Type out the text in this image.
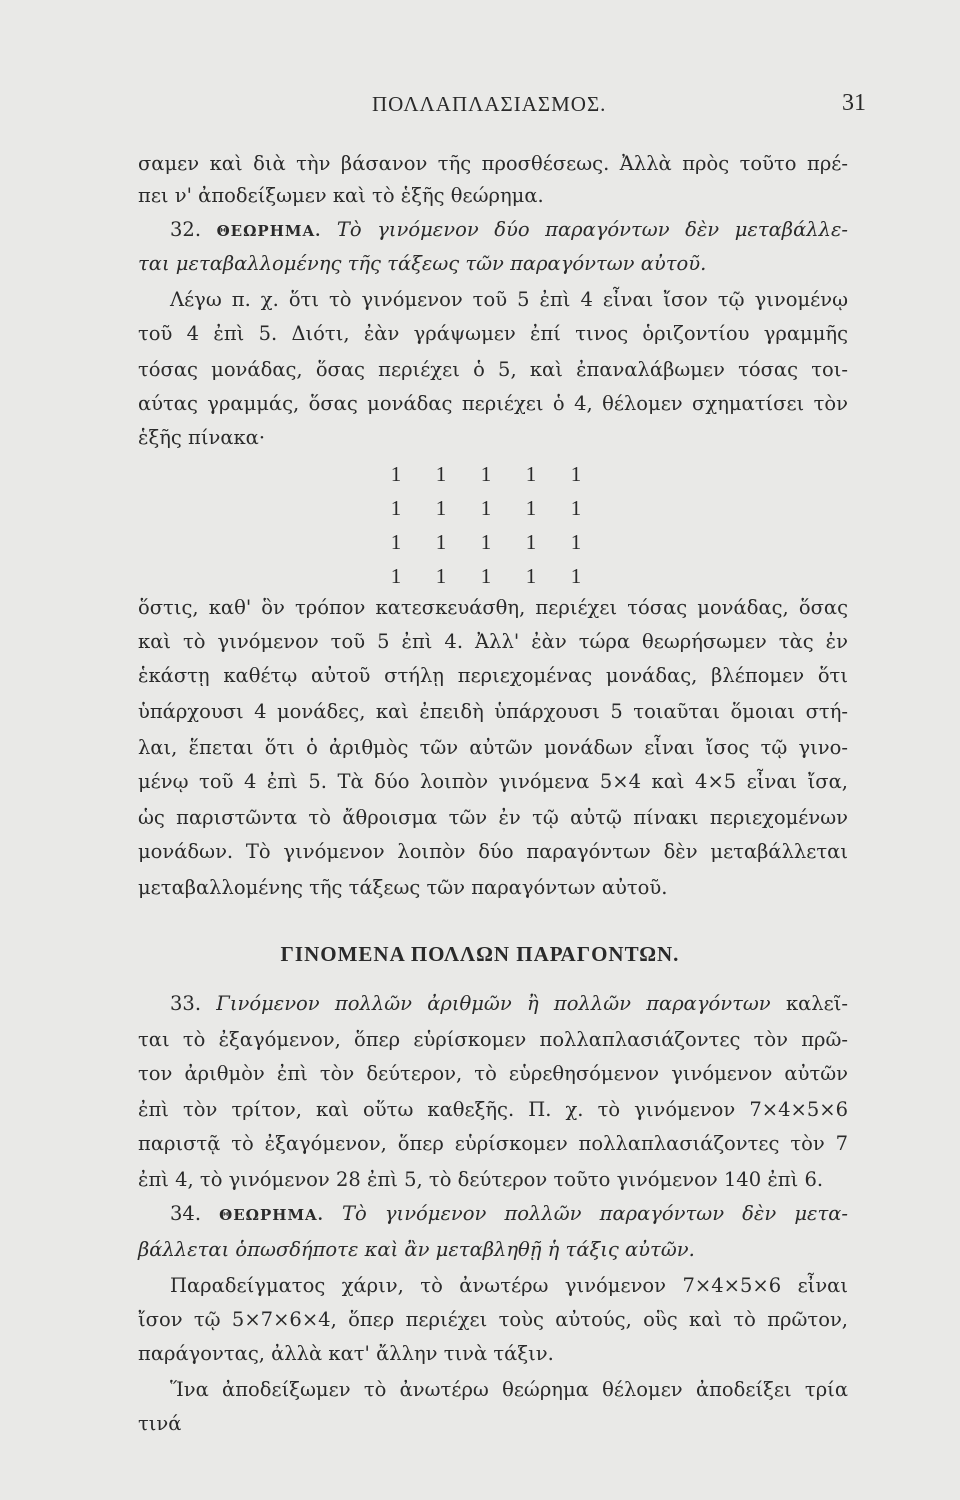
ΠΟΛΛΑΠΛΑΣΙΑΣΜΟΣ.	31
σαμεν καὶ διὰ τὴν βάσανον τῆς προσθέσεως. Ἀλλὰ πρὸς τοῦτο πρέ-
πει ν' ἀποδείξωμεν καὶ τὸ ἑξῆς θεώρημα.
32. ΘΕΩΡΗΜΑ. Τὸ γινόμενον δύο παραγόντων δὲν μεταβάλλε-
ται μεταβαλλομένης τῆς τάξεως τῶν παραγόντων αὐτοῦ.
Λέγω π. χ. ὅτι τὸ γινόμενον τοῦ 5 ἐπὶ 4 εἶναι ἴσον τῷ γινομένῳ
τοῦ 4 ἐπὶ 5. Διότι, ἐὰν γράψωμεν ἐπί τινος ὁριζοντίου γραμμῆς
τόσας μονάδας, ὅσας περιέχει ὁ 5, καὶ ἐπαναλάβωμεν τόσας τοι-
αύτας γραμμάς, ὅσας μονάδας περιέχει ὁ 4, θέλομεν σχηματίσει τὸν
ἑξῆς πίνακα·
1 1 1 1 1
1 1 1 1 1
1 1 1 1 1
1 1 1 1 1
ὅστις, καθ' ὃν τρόπον κατεσκευάσθη, περιέχει τόσας μονάδας, ὅσας
καὶ τὸ γινόμενον τοῦ 5 ἐπὶ 4. Ἀλλ' ἐὰν τώρα θεωρήσωμεν τὰς ἐν
ἑκάστῃ καθέτῳ αὐτοῦ στήλῃ περιεχομένας μονάδας, βλέπομεν ὅτι
ὑπάρχουσι 4 μονάδες, καὶ ἐπειδὴ ὑπάρχουσι 5 τοιαῦται ὅμοιαι στή-
λαι, ἕπεται ὅτι ὁ ἀριθμὸς τῶν αὐτῶν μονάδων εἶναι ἴσος τῷ γινο-
μένῳ τοῦ 4 ἐπὶ 5. Τὰ δύο λοιπὸν γινόμενα 5×4 καὶ 4×5 εἶναι ἴσα,
ὡς παριστῶντα τὸ ἄθροισμα τῶν ἐν τῷ αὐτῷ πίνακι περιεχομένων
μονάδων. Τὸ γινόμενον λοιπὸν δύο παραγόντων δὲν μεταβάλλεται
μεταβαλλομένης τῆς τάξεως τῶν παραγόντων αὐτοῦ.
ΓΙΝΟΜΕΝΑ ΠΟΛΛΩΝ ΠΑΡΑΓΟΝΤΩΝ.
33. Γινόμενον πολλῶν ἀριθμῶν ἢ πολλῶν παραγόντων καλεῖ-
ται τὸ ἐξαγόμενον, ὅπερ εὑρίσκομεν πολλαπλασιάζοντες τὸν πρῶ-
τον ἀριθμὸν ἐπὶ τὸν δεύτερον, τὸ εὑρεθησόμενον γινόμενον αὐτῶν
ἐπὶ τὸν τρίτον, καὶ οὕτω καθεξῆς. Π. χ. τὸ γινόμενον 7×4×5×6
παριστᾷ τὸ ἐξαγόμενον, ὅπερ εὑρίσκομεν πολλαπλασιάζοντες τὸν 7
ἐπὶ 4, τὸ γινόμενον 28 ἐπὶ 5, τὸ δεύτερον τοῦτο γινόμενον 140 ἐπὶ 6.
34. ΘΕΩΡΗΜΑ. Τὸ γινόμενον πολλῶν παραγόντων δὲν μετα-
βάλλεται ὁπωσδήποτε καὶ ἂν μεταβληθῇ ἡ τάξις αὐτῶν.
Παραδείγματος χάριν, τὸ ἀνωτέρω γινόμενον 7×4×5×6 εἶναι
ἴσον τῷ 5×7×6×4, ὅπερ περιέχει τοὺς αὐτούς, οὓς καὶ τὸ πρῶτον,
παράγοντας, ἀλλὰ κατ' ἄλλην τινὰ τάξιν.
Ἵνα ἀποδείξωμεν τὸ ἀνωτέρω θεώρημα θέλομεν ἀποδείξει τρία
τινά
